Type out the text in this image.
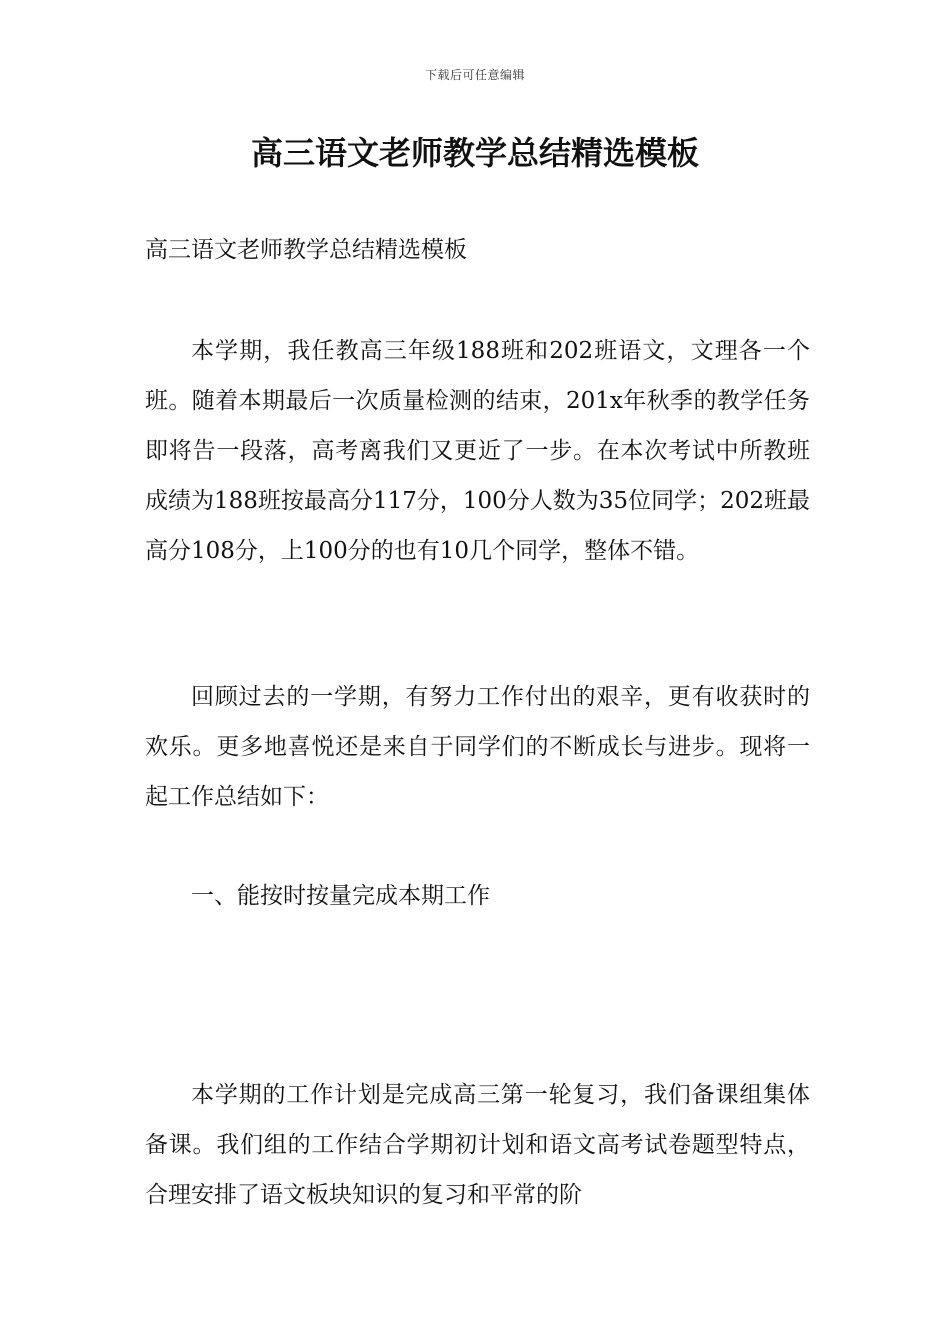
下载后可任意编辑
高三语文老师教学总结精选模板
高三语文老师教学总结精选模板

本学期，我任教高三年级188班和202班语文，文理各一个班。随着本期最后一次质量检测的结束，201x年秋季的教学任务即将告一段落，高考离我们又更近了一步。在本次考试中所教班成绩为188班按最高分117分，100分人数为35位同学；202班最高分108分，上100分的也有10几个同学，整体不错。

回顾过去的一学期，有努力工作付出的艰辛，更有收获时的欢乐。更多地喜悦还是来自于同学们的不断成长与进步。现将一起工作总结如下：

一、能按时按量完成本期工作

本学期的工作计划是完成高三第一轮复习，我们备课组集体备课。我们组的工作结合学期初计划和语文高考试卷题型特点，合理安排了语文板块知识的复习和平常的阶
